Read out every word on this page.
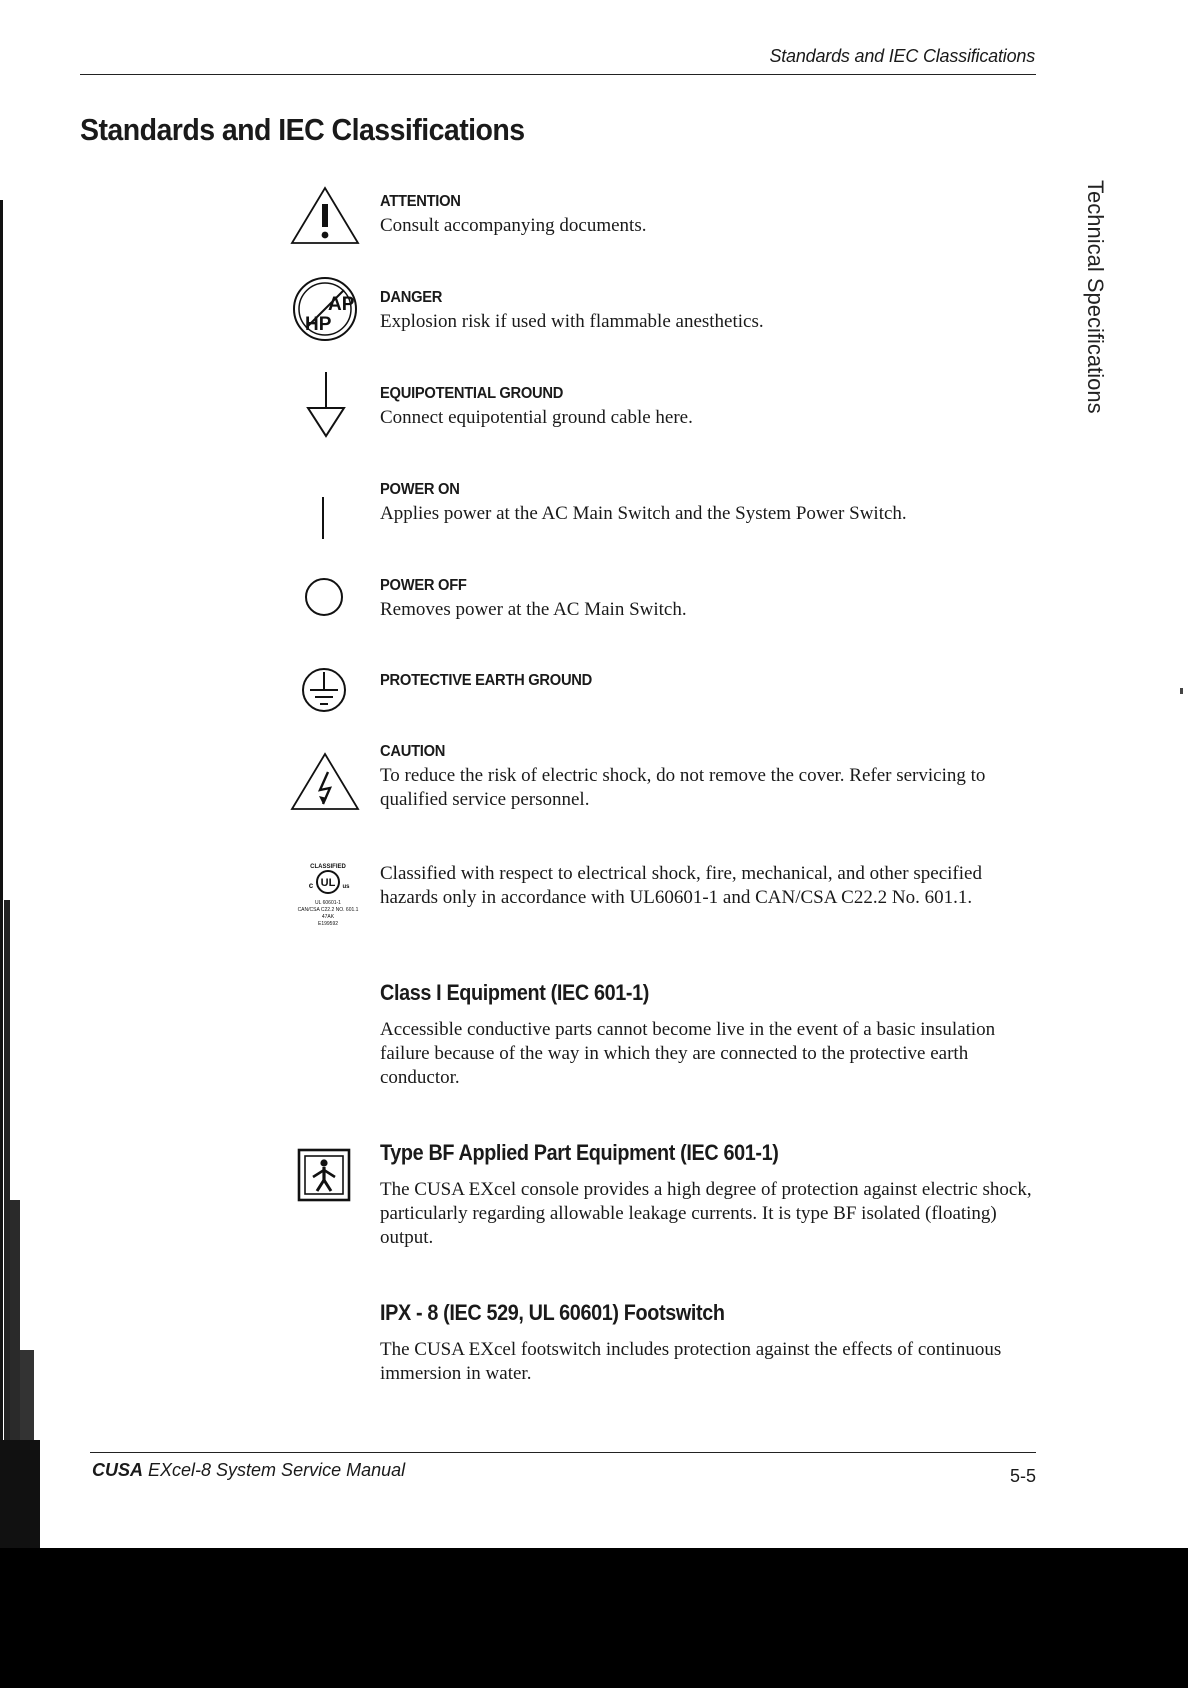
Standards and IEC Classifications
Standards and IEC Classifications
Technical Specifications
ATTENTION
Consult accompanying documents.
AP
HP
DANGER
Explosion risk if used with flammable anesthetics.
EQUIPOTENTIAL GROUND
Connect equipotential ground cable here.
POWER ON
Applies power at the AC Main Switch and the System Power Switch.
POWER OFF
Removes power at the AC Main Switch.
PROTECTIVE EARTH GROUND
CAUTION
To reduce the risk of electric shock, do not remove the cover. Refer servicing to qualified service personnel.
CLASSIFIED
UL
c	us
UL 60601-1
CAN/CSA C22.2 NO. 601.1
47AK
E199592
Classified with respect to electrical shock, fire, mechanical, and other specified hazards only in accordance with UL60601-1 and CAN/CSA C22.2 No. 601.1.
Class I Equipment (IEC 601-1)
Accessible conductive parts cannot become live in the event of a basic insulation failure because of the way in which they are connected to the protective earth conductor.
Type BF Applied Part Equipment (IEC 601-1)
The CUSA EXcel console provides a high degree of protection against electric shock, particularly regarding allowable leakage currents. It is type BF isolated (floating) output.
IPX - 8 (IEC 529, UL 60601) Footswitch
The CUSA EXcel footswitch includes protection against the effects of continuous immersion in water.
CUSA EXcel-8 System Service Manual	5-5
